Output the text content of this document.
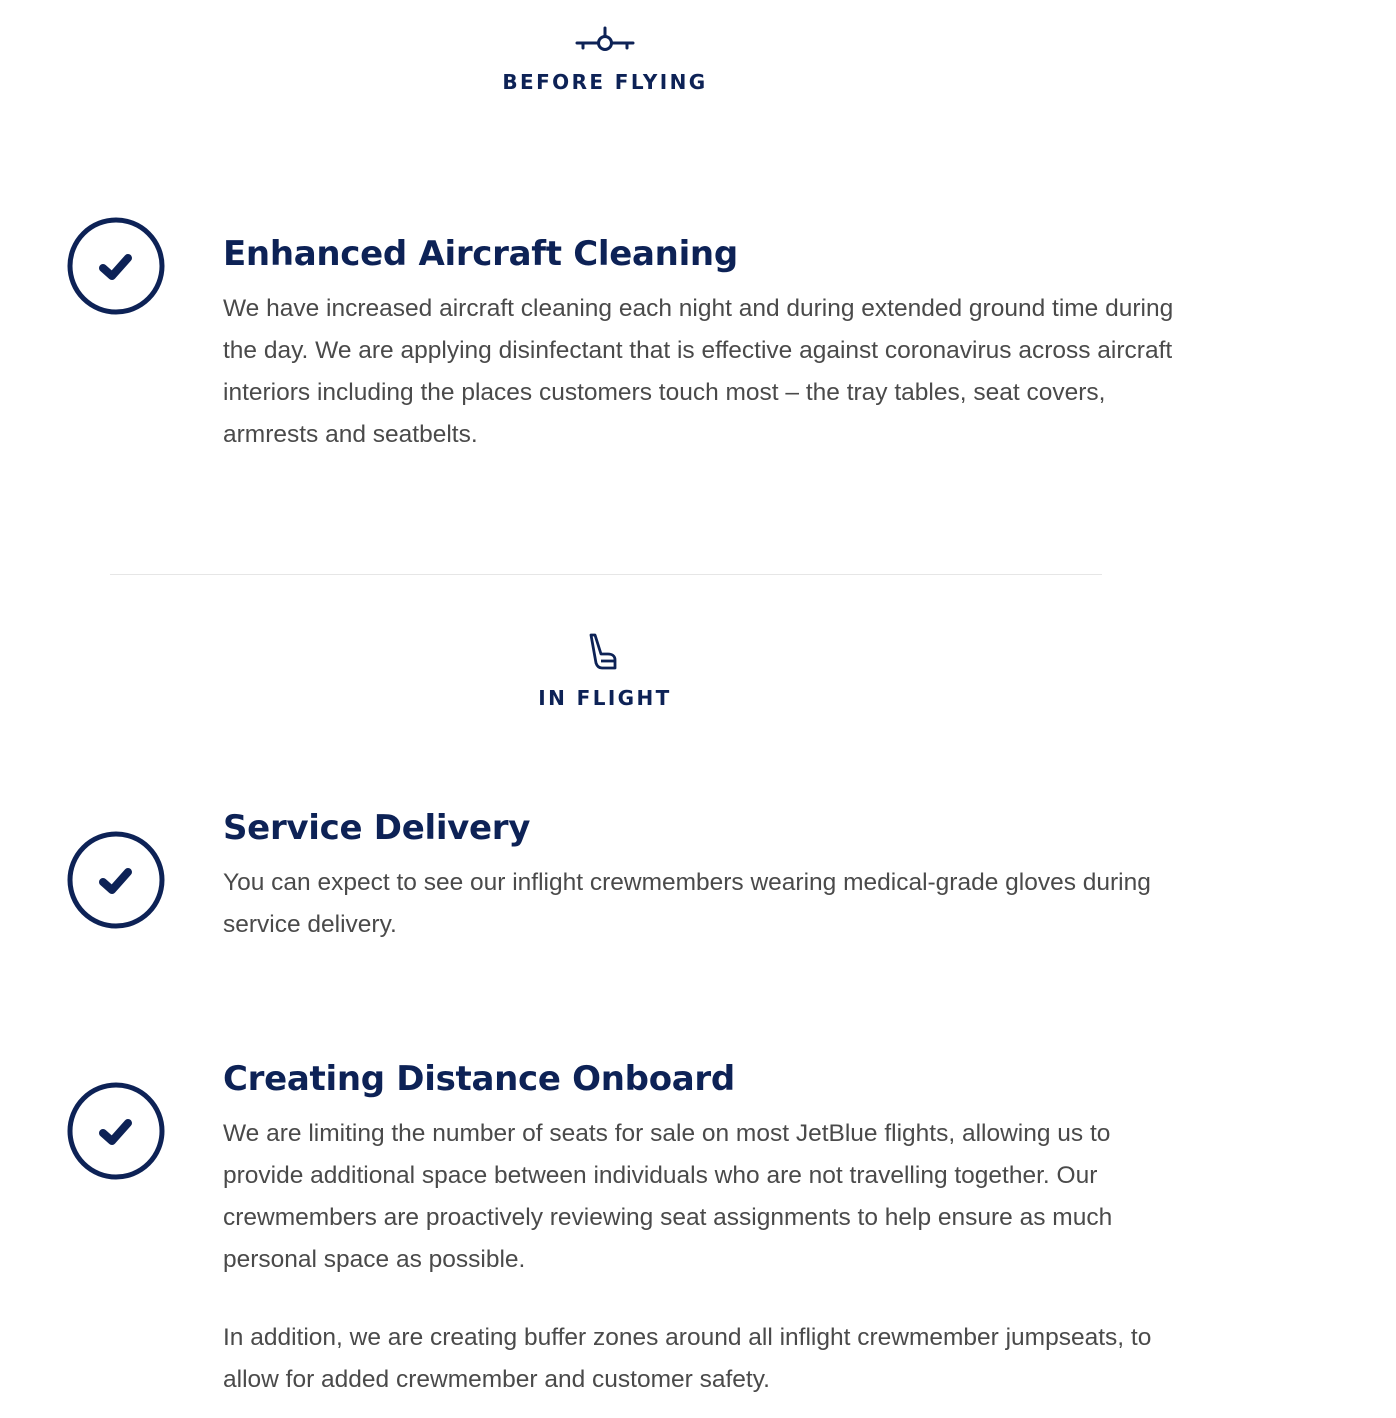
BEFORE FLYING
Enhanced Aircraft Cleaning

We have increased aircraft cleaning each night and during extended ground time during the day. We are applying disinfectant that is effective against coronavirus across aircraft interiors including the places customers touch most – the tray tables, seat covers, armrests and seatbelts.

IN FLIGHT
Service Delivery

You can expect to see our inflight crewmembers wearing medical-grade gloves during service delivery.

Creating Distance Onboard

We are limiting the number of seats for sale on most JetBlue flights, allowing us to provide additional space between individuals who are not travelling together. Our crewmembers are proactively reviewing seat assignments to help ensure as much personal space as possible.

In addition, we are creating buffer zones around all inflight crewmember jumpseats, to allow for added crewmember and customer safety.
